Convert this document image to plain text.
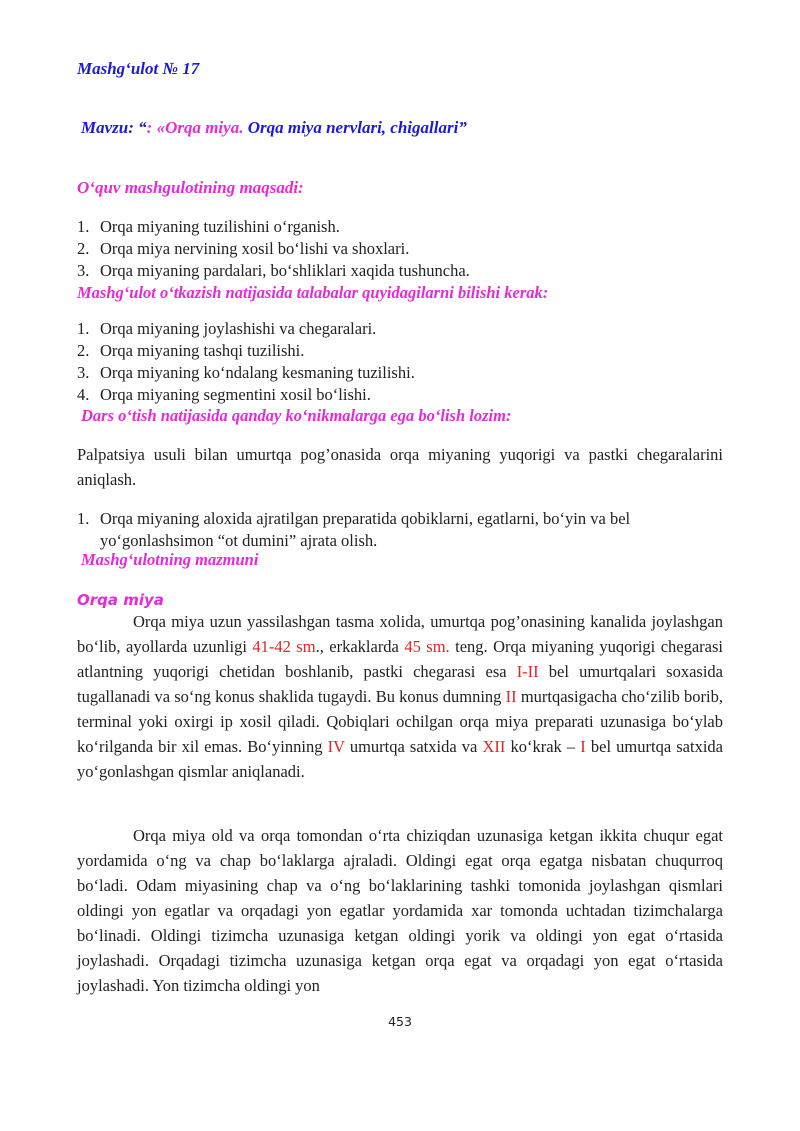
Mashg‘ulot № 17
Mavzu: “: «Orqa miya. Orqa miya nervlari, chigallari”
O‘quv mashgulotining maqsadi:
1. Orqa miyaning tuzilishini o‘rganish.
2. Orqa miya nervining xosil bo‘lishi va shoxlari.
3. Orqa miyaning pardalari, bo‘shliklari xaqida tushuncha.
Mashg‘ulot o‘tkazish natijasida talabalar quyidagilarni bilishi kerak:
1. Orqa miyaning joylashishi va chegaralari.
2. Orqa miyaning tashqi tuzilishi.
3. Orqa miyaning ko‘ndalang kesmaning tuzilishi.
4. Orqa miyaning segmentini xosil bo‘lishi.
Dars o‘tish natijasida qanday ko‘nikmalarga ega bo‘lish lozim:
Palpatsiya usuli bilan umurtqa pog’onasida orqa miyaning yuqorigi va pastki chegaralarini aniqlash.
1. Orqa miyaning aloxida ajratilgan preparatida qobiklarni, egatlarni, bo‘yin va bel
yo‘gonlashsimon “ot dumini” ajrata olish.
Mashg‘ulotning mazmuni
Orqa miya
Orqa miya uzun yassilashgan tasma xolida, umurtqa pog’onasining kanalida joylashgan bo‘lib, ayollarda uzunligi 41-42 sm., erkaklarda 45 sm. teng. Orqa miyaning yuqorigi chegarasi atlantning yuqorigi chetidan boshlanib, pastki chegarasi esa I-II bel umurtqalari soxasida tugallanadi va so‘ng konus shaklida tugaydi. Bu konus dumning II murtqasigacha cho‘zilib borib, terminal yoki oxirgi ip xosil qiladi. Qobiqlari ochilgan orqa miya preparati uzunasiga bo‘ylab ko‘rilganda bir xil emas. Bo‘yinning IV umurtqa satxida va XII ko‘krak – I bel umurtqa satxida yo‘gonlashgan qismlar aniqlanadi.
Orqa miya old va orqa tomondan o‘rta chiziqdan uzunasiga ketgan ikkita chuqur egat yordamida o‘ng va chap bo‘laklarga ajraladi. Oldingi egat orqa egatga nisbatan chuqurroq bo‘ladi. Odam miyasining chap va o‘ng bo‘laklarining tashki tomonida joylashgan qismlari oldingi yon egatlar va orqadagi yon egatlar yordamida xar tomonda uchtadan tizimchalarga bo‘linadi. Oldingi tizimcha uzunasiga ketgan oldingi yorik va oldingi yon egat o‘rtasida joylashadi. Orqadagi tizimcha uzunasiga ketgan orqa egat va orqadagi yon egat o‘rtasida joylashadi. Yon tizimcha oldingi yon
453
